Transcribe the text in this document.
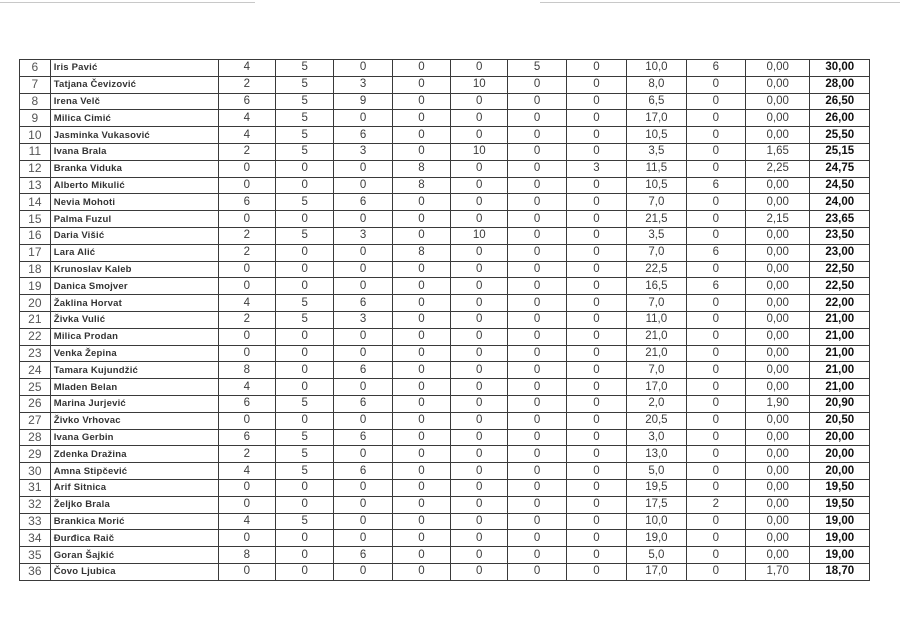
6	Iris Pavić	4	5	0	0	0	5	0	10,0	6	0,00	30,00
7	Tatjana Čevizović	2	5	3	0	10	0	0	8,0	0	0,00	28,00
8	Irena Velč	6	5	9	0	0	0	0	6,5	0	0,00	26,50
9	Milica Cimić	4	5	0	0	0	0	0	17,0	0	0,00	26,00
10	Jasminka Vukasović	4	5	6	0	0	0	0	10,5	0	0,00	25,50
11	Ivana Brala	2	5	3	0	10	0	0	3,5	0	1,65	25,15
12	Branka Viduka	0	0	0	8	0	0	3	11,5	0	2,25	24,75
13	Alberto Mikulić	0	0	0	8	0	0	0	10,5	6	0,00	24,50
14	Nevia Mohoti	6	5	6	0	0	0	0	7,0	0	0,00	24,00
15	Palma Fuzul	0	0	0	0	0	0	0	21,5	0	2,15	23,65
16	Daria Višić	2	5	3	0	10	0	0	3,5	0	0,00	23,50
17	Lara Alić	2	0	0	8	0	0	0	7,0	6	0,00	23,00
18	Krunoslav Kaleb	0	0	0	0	0	0	0	22,5	0	0,00	22,50
19	Danica Smojver	0	0	0	0	0	0	0	16,5	6	0,00	22,50
20	Žaklina Horvat	4	5	6	0	0	0	0	7,0	0	0,00	22,00
21	Živka Vulić	2	5	3	0	0	0	0	11,0	0	0,00	21,00
22	Milica Prodan	0	0	0	0	0	0	0	21,0	0	0,00	21,00
23	Venka Žepina	0	0	0	0	0	0	0	21,0	0	0,00	21,00
24	Tamara Kujundžić	8	0	6	0	0	0	0	7,0	0	0,00	21,00
25	Mladen Belan	4	0	0	0	0	0	0	17,0	0	0,00	21,00
26	Marina Jurjević	6	5	6	0	0	0	0	2,0	0	1,90	20,90
27	Živko Vrhovac	0	0	0	0	0	0	0	20,5	0	0,00	20,50
28	Ivana Gerbin	6	5	6	0	0	0	0	3,0	0	0,00	20,00
29	Zdenka Dražina	2	5	0	0	0	0	0	13,0	0	0,00	20,00
30	Amna Stipčević	4	5	6	0	0	0	0	5,0	0	0,00	20,00
31	Arif Sitnica	0	0	0	0	0	0	0	19,5	0	0,00	19,50
32	Željko Brala	0	0	0	0	0	0	0	17,5	2	0,00	19,50
33	Brankica Morić	4	5	0	0	0	0	0	10,0	0	0,00	19,00
34	Đurđica Raič	0	0	0	0	0	0	0	19,0	0	0,00	19,00
35	Goran Šajkić	8	0	6	0	0	0	0	5,0	0	0,00	19,00
36	Čovo Ljubica	0	0	0	0	0	0	0	17,0	0	1,70	18,70
